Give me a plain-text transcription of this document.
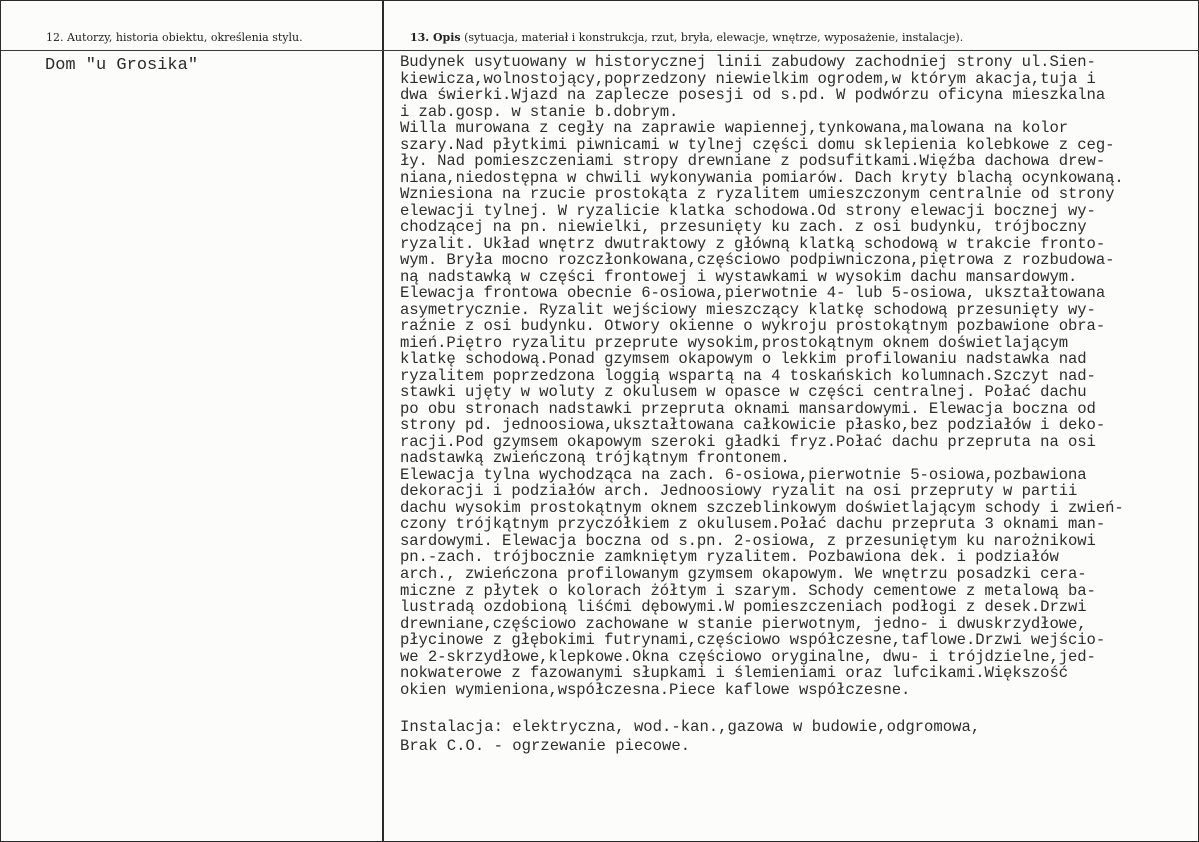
12. Autorzy, historia obiektu, określenia stylu.	13. Opis (sytuacja, materiał i konstrukcja, rzut, bryła, elewacje, wnętrze, wyposażenie, instalacje).
Dom "u Grosika"	Budynek usytuowany w historycznej linii zabudowy zachodniej strony ul.Sien-
kiewicza,wolnostojący,poprzedzony niewielkim ogrodem,w którym akacja,tuja i
dwa świerki.Wjazd na zaplecze posesji od s.pd. W podwórzu oficyna mieszkalna
i zab.gosp. w stanie b.dobrym.
Willa murowana z cegły na zaprawie wapiennej,tynkowana,malowana na kolor
szary.Nad płytkimi piwnicami w tylnej części domu sklepienia kolebkowe z ceg-
ły. Nad pomieszczeniami stropy drewniane z podsufitkami.Więźba dachowa drew-
niana,niedostępna w chwili wykonywania pomiarów. Dach kryty blachą ocynkowaną.
Wzniesiona na rzucie prostokąta z ryzalitem umieszczonym centralnie od strony
elewacji tylnej. W ryzalicie klatka schodowa.Od strony elewacji bocznej wy-
chodzącej na pn. niewielki, przesunięty ku zach. z osi budynku, trójboczny
ryzalit. Układ wnętrz dwutraktowy z główną klatką schodową w trakcie fronto-
wym. Bryła mocno rozczłonkowana,częściowo podpiwniczona,piętrowa z rozbudowa-
ną nadstawką w części frontowej i wystawkami w wysokim dachu mansardowym.
Elewacja frontowa obecnie 6-osiowa,pierwotnie 4- lub 5-osiowa, ukształtowana
asymetrycznie. Ryzalit wejściowy mieszczący klatkę schodową przesunięty wy-
raźnie z osi budynku. Otwory okienne o wykroju prostokątnym pozbawione obra-
mień.Piętro ryzalitu przeprute wysokim,prostokątnym oknem doświetlającym
klatkę schodową.Ponad gzymsem okapowym o lekkim profilowaniu nadstawka nad
ryzalitem poprzedzona loggią wspartą na 4 toskańskich kolumnach.Szczyt nad-
stawki ujęty w woluty z okulusem w opasce w części centralnej. Połać dachu
po obu stronach nadstawki przepruta oknami mansardowymi. Elewacja boczna od
strony pd. jednoosiowa,ukształtowana całkowicie płasko,bez podziałów i deko-
racji.Pod gzymsem okapowym szeroki gładki fryz.Połać dachu przepruta na osi
nadstawką zwieńczoną trójkątnym frontonem.
Elewacja tylna wychodząca na zach. 6-osiowa,pierwotnie 5-osiowa,pozbawiona
dekoracji i podziałów arch. Jednoosiowy ryzalit na osi przepruty w partii
dachu wysokim prostokątnym oknem szczeblinkowym doświetlającym schody i zwień-
czony trójkątnym przyczółkiem z okulusem.Połać dachu przepruta 3 oknami man-
sardowymi. Elewacja boczna od s.pn. 2-osiowa, z przesuniętym ku narożnikowi
pn.-zach. trójbocznie zamkniętym ryzalitem. Pozbawiona dek. i podziałów
arch., zwieńczona profilowanym gzymsem okapowym. We wnętrzu posadzki cera-
miczne z płytek o kolorach żółtym i szarym. Schody cementowe z metalową ba-
lustradą ozdobioną liśćmi dębowymi.W pomieszczeniach podłogi z desek.Drzwi
drewniane,częściowo zachowane w stanie pierwotnym, jedno- i dwuskrzydłowe,
płycinowe z głębokimi futrynami,częściowo współczesne,taflowe.Drzwi wejścio-
we 2-skrzydłowe,klepkowe.Okna częściowo oryginalne, dwu- i trójdzielne,jed-
nokwaterowe z fazowanymi słupkami i ślemieniami oraz lufcikami.Większość
okien wymieniona,współczesna.Piece kaflowe współczesne.
Instalacja: elektryczna, wod.-kan.,gazowa w budowie,odgromowa,
Brak C.O. - ogrzewanie piecowe.
